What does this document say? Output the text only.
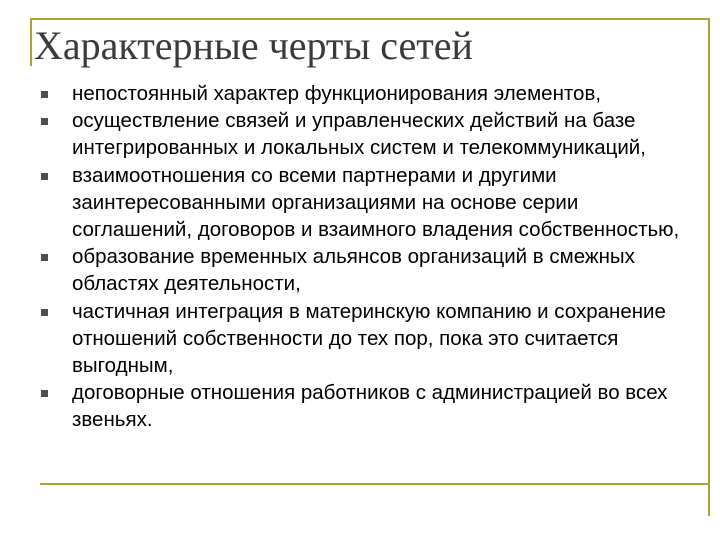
Характерные черты сетей
непостоянный характер функционирования элементов,
осуществление связей и управленческих действий на базе интегрированных и локальных систем и телекоммуникаций,
взаимоотношения со всеми партнерами и другими заинтересованными организациями на основе серии соглашений, договоров и взаимного владения собственностью,
образование временных альянсов организаций в смежных областях деятельности,
частичная интеграция в материнскую компанию и сохранение отношений собственности до тех пор, пока это считается выгодным,
договорные отношения работников с администрацией во всех звеньях.
